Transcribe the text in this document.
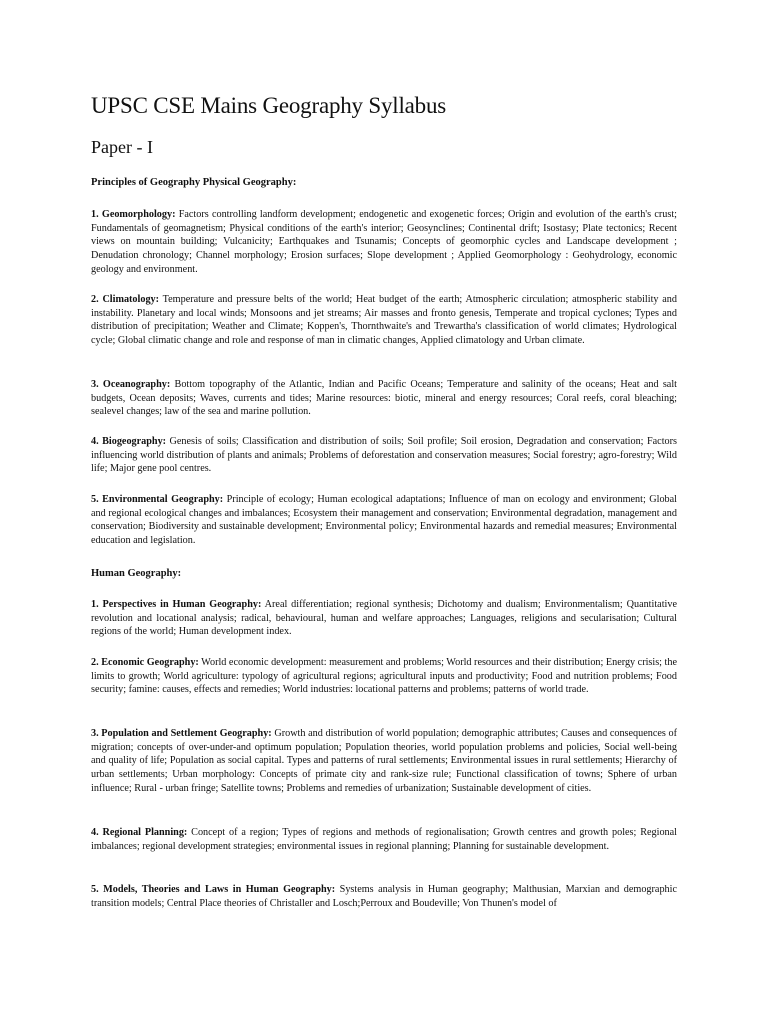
UPSC CSE Mains Geography Syllabus
Paper - I

Principles of Geography Physical Geography:

1. Geomorphology: Factors controlling landform development; endogenetic and exogenetic forces; Origin and evolution of the earth's crust; Fundamentals of geomagnetism; Physical conditions of the earth's interior; Geosynclines; Continental drift; Isostasy; Plate tectonics; Recent views on mountain building; Vulcanicity; Earthquakes and Tsunamis; Concepts of geomorphic cycles and Landscape development ; Denudation chronology; Channel morphology; Erosion surfaces; Slope development ; Applied Geomorphology : Geohydrology, economic geology and environment.

2. Climatology: Temperature and pressure belts of the world; Heat budget of the earth; Atmospheric circulation; atmospheric stability and instability. Planetary and local winds; Monsoons and jet streams; Air masses and fronto genesis, Temperate and tropical cyclones; Types and distribution of precipitation; Weather and Climate; Koppen's, Thornthwaite's and Trewartha's classification of world climates; Hydrological cycle; Global climatic change and role and response of man in climatic changes, Applied climatology and Urban climate.

3. Oceanography: Bottom topography of the Atlantic, Indian and Pacific Oceans; Temperature and salinity of the oceans; Heat and salt budgets, Ocean deposits; Waves, currents and tides; Marine resources: biotic, mineral and energy resources; Coral reefs, coral bleaching; sealevel changes; law of the sea and marine pollution.

4. Biogeography: Genesis of soils; Classification and distribution of soils; Soil profile; Soil erosion, Degradation and conservation; Factors influencing world distribution of plants and animals; Problems of deforestation and conservation measures; Social forestry; agro-forestry; Wild life; Major gene pool centres.

5. Environmental Geography: Principle of ecology; Human ecological adaptations; Influence of man on ecology and environment; Global and regional ecological changes and imbalances; Ecosystem their management and conservation; Environmental degradation, management and conservation; Biodiversity and sustainable development; Environmental policy; Environmental hazards and remedial measures; Environmental education and legislation.

Human Geography:

1. Perspectives in Human Geography: Areal differentiation; regional synthesis; Dichotomy and dualism; Environmentalism; Quantitative revolution and locational analysis; radical, behavioural, human and welfare approaches; Languages, religions and secularisation; Cultural regions of the world; Human development index.

2. Economic Geography: World economic development: measurement and problems; World resources and their distribution; Energy crisis; the limits to growth; World agriculture: typology of agricultural regions; agricultural inputs and productivity; Food and nutrition problems; Food security; famine: causes, effects and remedies; World industries: locational patterns and problems; patterns of world trade.

3. Population and Settlement Geography: Growth and distribution of world population; demographic attributes; Causes and consequences of migration; concepts of over-under-and optimum population; Population theories, world population problems and policies, Social well-being and quality of life; Population as social capital. Types and patterns of rural settlements; Environmental issues in rural settlements; Hierarchy of urban settlements; Urban morphology: Concepts of primate city and rank-size rule; Functional classification of towns; Sphere of urban influence; Rural - urban fringe; Satellite towns; Problems and remedies of urbanization; Sustainable development of cities.

4. Regional Planning: Concept of a region; Types of regions and methods of regionalisation; Growth centres and growth poles; Regional imbalances; regional development strategies; environmental issues in regional planning; Planning for sustainable development.

5. Models, Theories and Laws in Human Geography: Systems analysis in Human geography; Malthusian, Marxian and demographic transition models; Central Place theories of Christaller and Losch;Perroux and Boudeville; Von Thunen's model of
